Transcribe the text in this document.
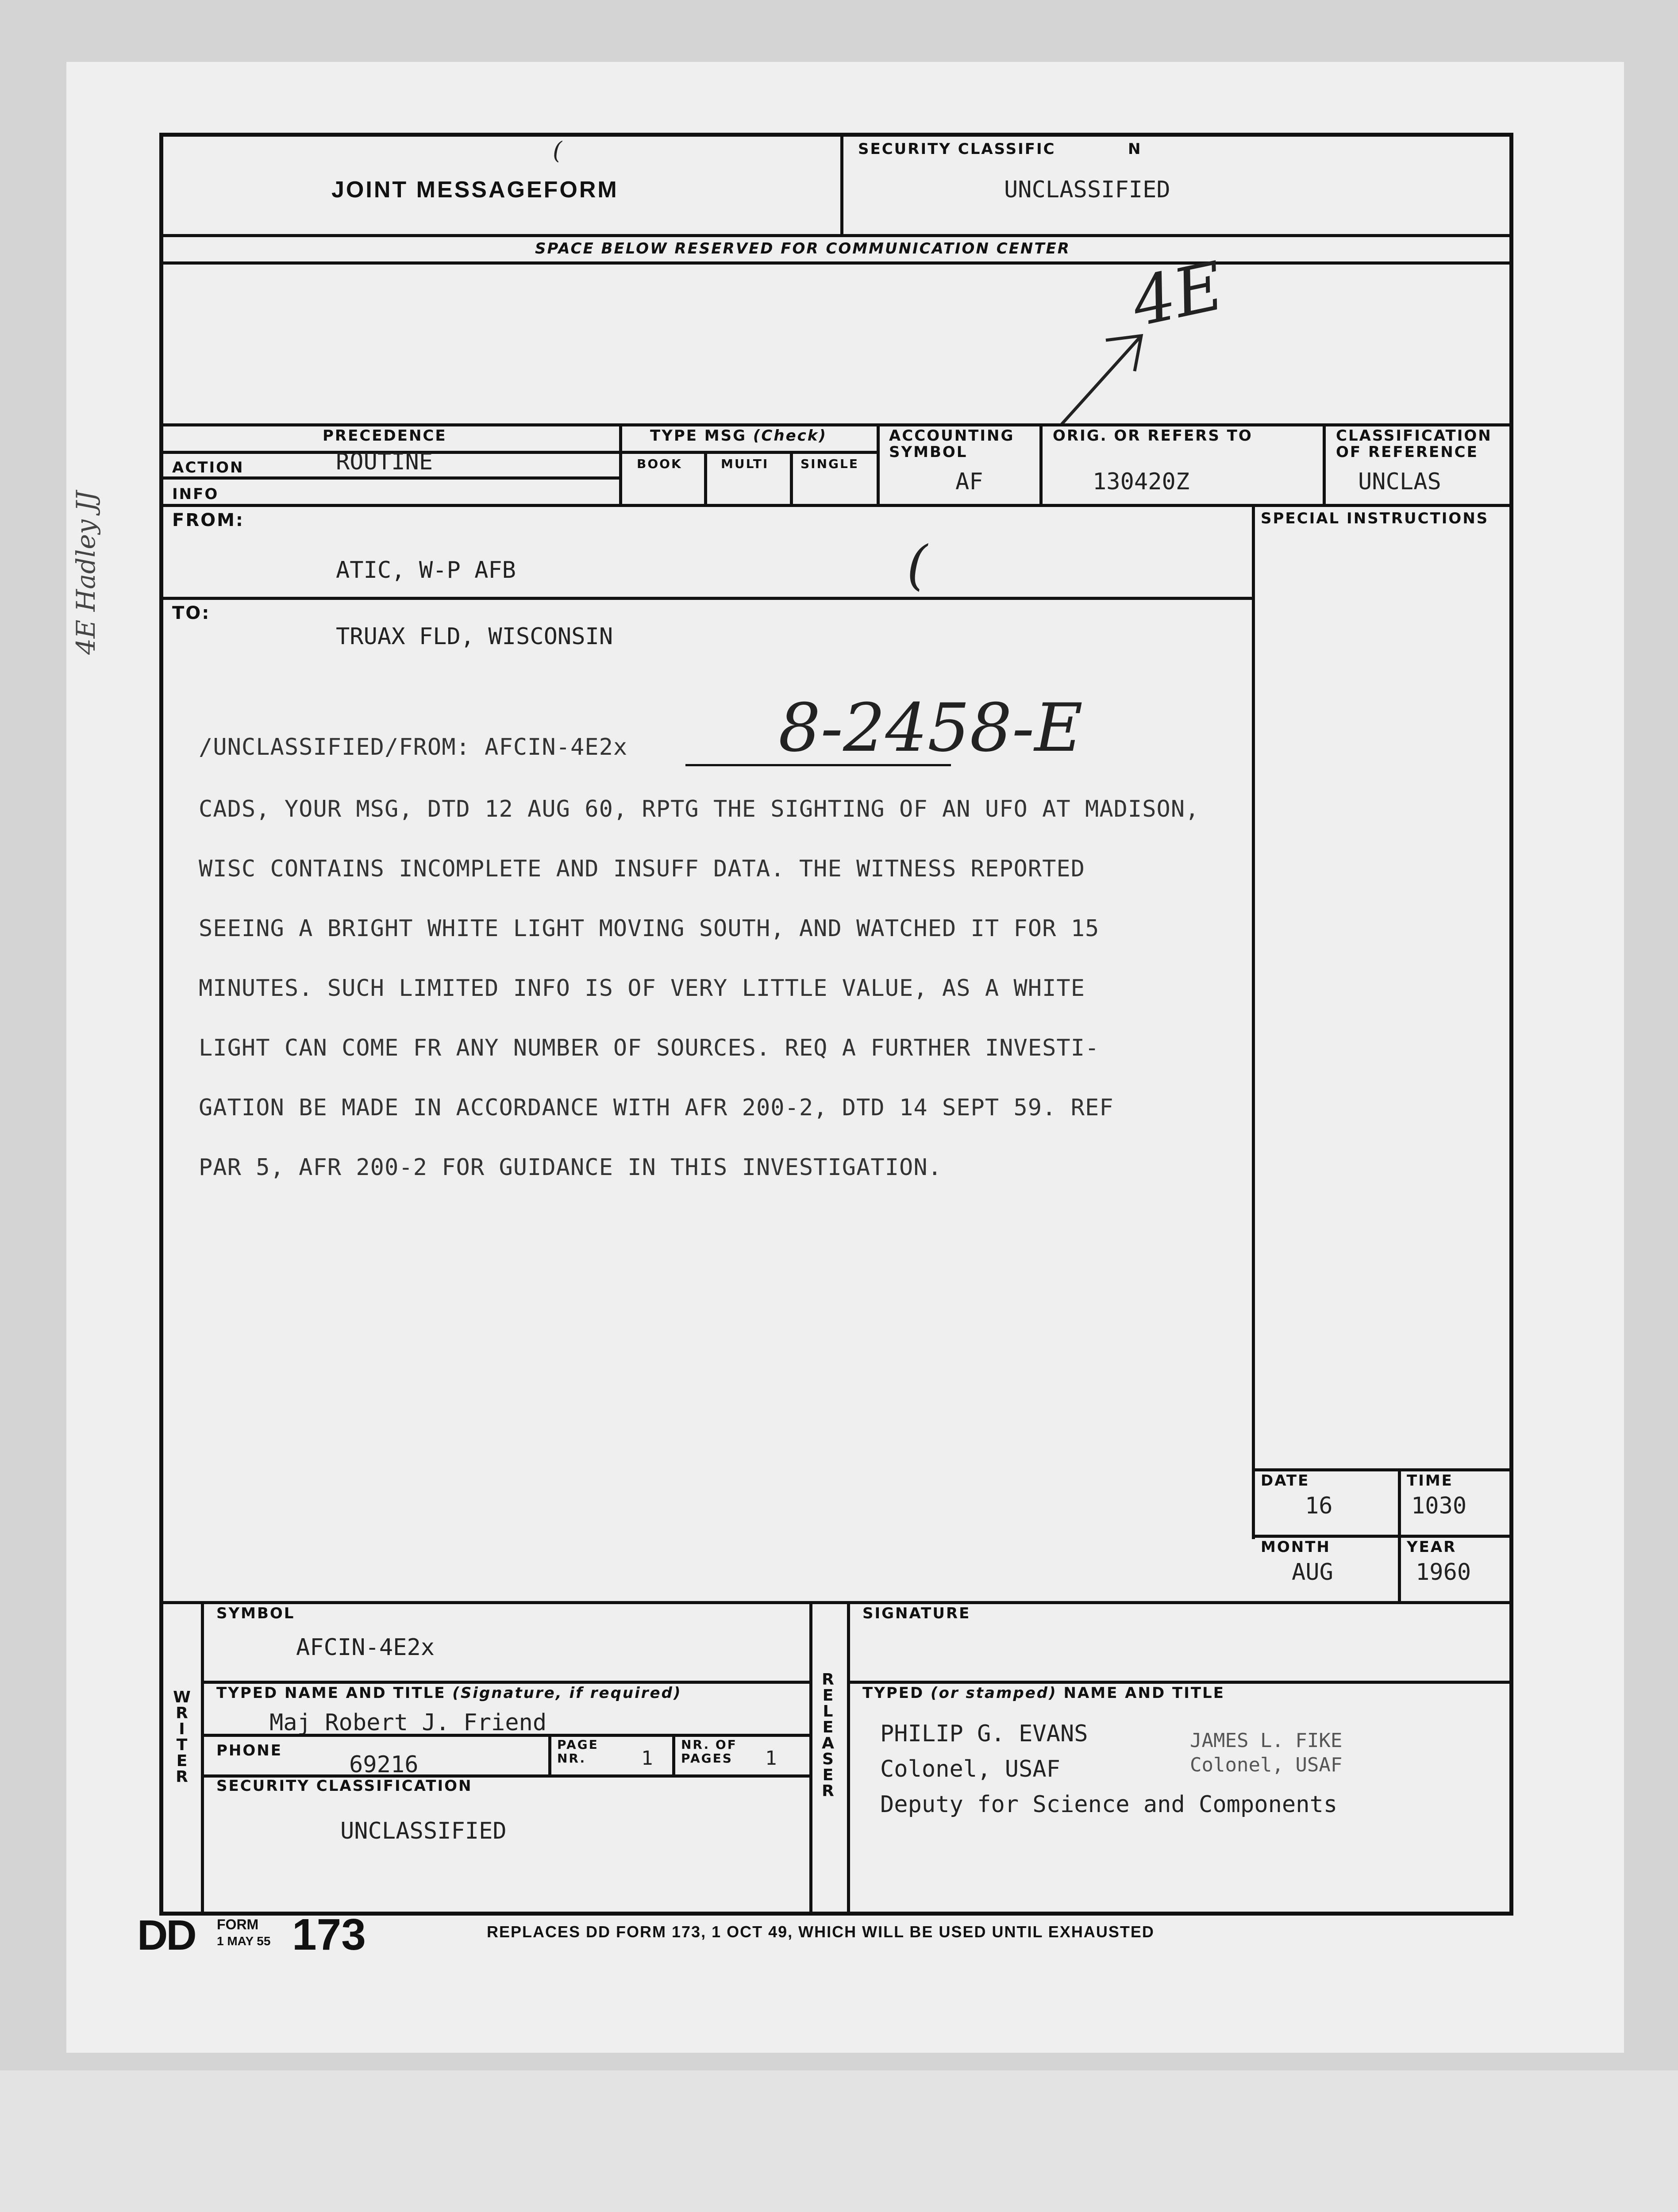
4E Hadley JJ
JOINT MESSAGEFORM
(	SECURITY CLASSIFIC	N
UNCLASSIFIED
SPACE BELOW RESERVED FOR COMMUNICATION CENTER 4E
PRECEDENCE
ACTION	ROUTINE
INFO
TYPE MSG (Check)
BOOK	MULTI	SINGLE
ACCOUNTING
SYMBOL
AF
ORIG. OR REFERS TO
130420Z
CLASSIFICATION
OF REFERENCE
UNCLAS
FROM:
ATIC, W-P AFB	(
SPECIAL INSTRUCTIONS
TO:
TRUAX FLD, WISCONSIN
/UNCLASSIFIED/FROM: AFCIN-4E2x 8-2458-E
CADS, YOUR MSG, DTD 12 AUG 60, RPTG THE SIGHTING OF AN UFO AT MADISON,
WISC CONTAINS INCOMPLETE AND INSUFF DATA. THE WITNESS REPORTED
SEEING A BRIGHT WHITE LIGHT MOVING SOUTH, AND WATCHED IT FOR 15
MINUTES. SUCH LIMITED INFO IS OF VERY LITTLE VALUE, AS A WHITE
LIGHT CAN COME FR ANY NUMBER OF SOURCES. REQ A FURTHER INVESTI-
GATION BE MADE IN ACCORDANCE WITH AFR 200-2, DTD 14 SEPT 59. REF
PAR 5, AFR 200-2 FOR GUIDANCE IN THIS INVESTIGATION.
DATE
16
TIME
1030
MONTH
AUG
YEAR
1960
W
R
I
T
E
R
R
E
L
E
A
S
E
R
SYMBOL
AFCIN-4E2x
TYPED NAME AND TITLE (Signature, if required)
Maj Robert J. Friend
PHONE
69216
PAGE
NR.	1
NR. OF
PAGES 1
SECURITY CLASSIFICATION
UNCLASSIFIED
SIGNATURE
TYPED (or stamped) NAME AND TITLE
PHILIP G. EVANS
Colonel, USAF
Deputy for Science and Components
JAMES L. FIKE
Colonel, USAF
DD FORM
1 MAY 55 173	REPLACES DD FORM 173, 1 OCT 49, WHICH WILL BE USED UNTIL EXHAUSTED
